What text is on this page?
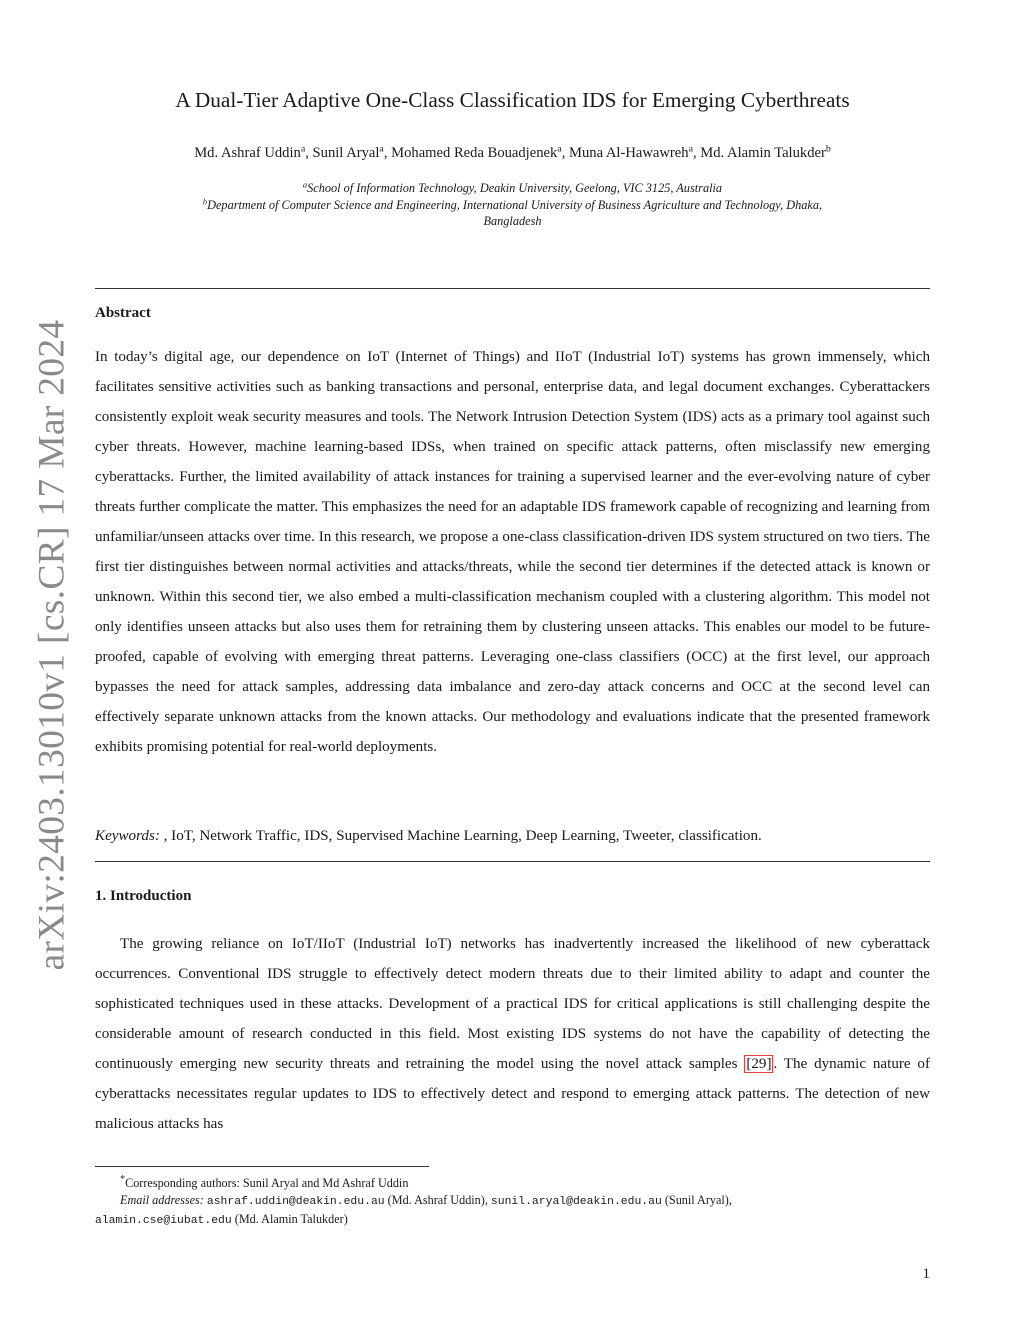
arXiv:2403.13010v1 [cs.CR] 17 Mar 2024
A Dual-Tier Adaptive One-Class Classification IDS for Emerging Cyberthreats
Md. Ashraf Uddin$^a$, Sunil Aryal$^a$, Mohamed Reda Bouadjenek$^a$, Muna Al-Hawawreh$^a$, Md. Alamin Talukder$^b$
$^a$School of Information Technology, Deakin University, Geelong, VIC 3125, Australia
$^b$Department of Computer Science and Engineering, International University of Business Agriculture and Technology, Dhaka,
Bangladesh
Abstract

In today’s digital age, our dependence on IoT (Internet of Things) and IIoT (Industrial IoT) systems has grown immensely, which facilitates sensitive activities such as banking transactions and personal, enterprise data, and legal document exchanges. Cyberattackers consistently exploit weak security measures and tools. The Network Intrusion Detection System (IDS) acts as a primary tool against such cyber threats. However, machine learning-based IDSs, when trained on specific attack patterns, often misclassify new emerging cyberattacks. Further, the limited availability of attack instances for training a supervised learner and the ever-evolving nature of cyber threats further complicate the matter. This emphasizes the need for an adaptable IDS framework capable of recognizing and learning from unfamiliar/unseen attacks over time. In this research, we propose a one-class classification-driven IDS system structured on two tiers. The first tier distinguishes between normal activities and attacks/threats, while the second tier determines if the detected attack is known or unknown. Within this second tier, we also embed a multi-classification mechanism coupled with a clustering algorithm. This model not only identifies unseen attacks but also uses them for retraining them by clustering unseen attacks. This enables our model to be future-proofed, capable of evolving with emerging threat patterns. Leveraging one-class classifiers (OCC) at the first level, our approach bypasses the need for attack samples, addressing data imbalance and zero-day attack concerns and OCC at the second level can effectively separate unknown attacks from the known attacks. Our methodology and evaluations indicate that the presented framework exhibits promising potential for real-world deployments.

Keywords: , IoT, Network Traffic, IDS, Supervised Machine Learning, Deep Learning, Tweeter, classification.

1. Introduction

The growing reliance on IoT/IIoT (Industrial IoT) networks has inadvertently increased the likelihood of new cyberattack occurrences. Conventional IDS struggle to effectively detect modern threats due to their limited ability to adapt and counter the sophisticated techniques used in these attacks. Development of a practical IDS for critical applications is still challenging despite the considerable amount of research conducted in this field. Most existing IDS systems do not have the capability of detecting the continuously emerging new security threats and retraining the model using the novel attack samples [29] . The dynamic nature of cyberattacks necessitates regular updates to IDS to effectively detect and respond to emerging attack patterns. The detection of new malicious attacks has

*Corresponding authors: Sunil Aryal and Md Ashraf Uddin
Email addresses: ashraf.uddin@deakin.edu.au (Md. Ashraf Uddin), sunil.aryal@deakin.edu.au (Sunil Aryal),
alamin.cse@iubat.edu (Md. Alamin Talukder)
1
